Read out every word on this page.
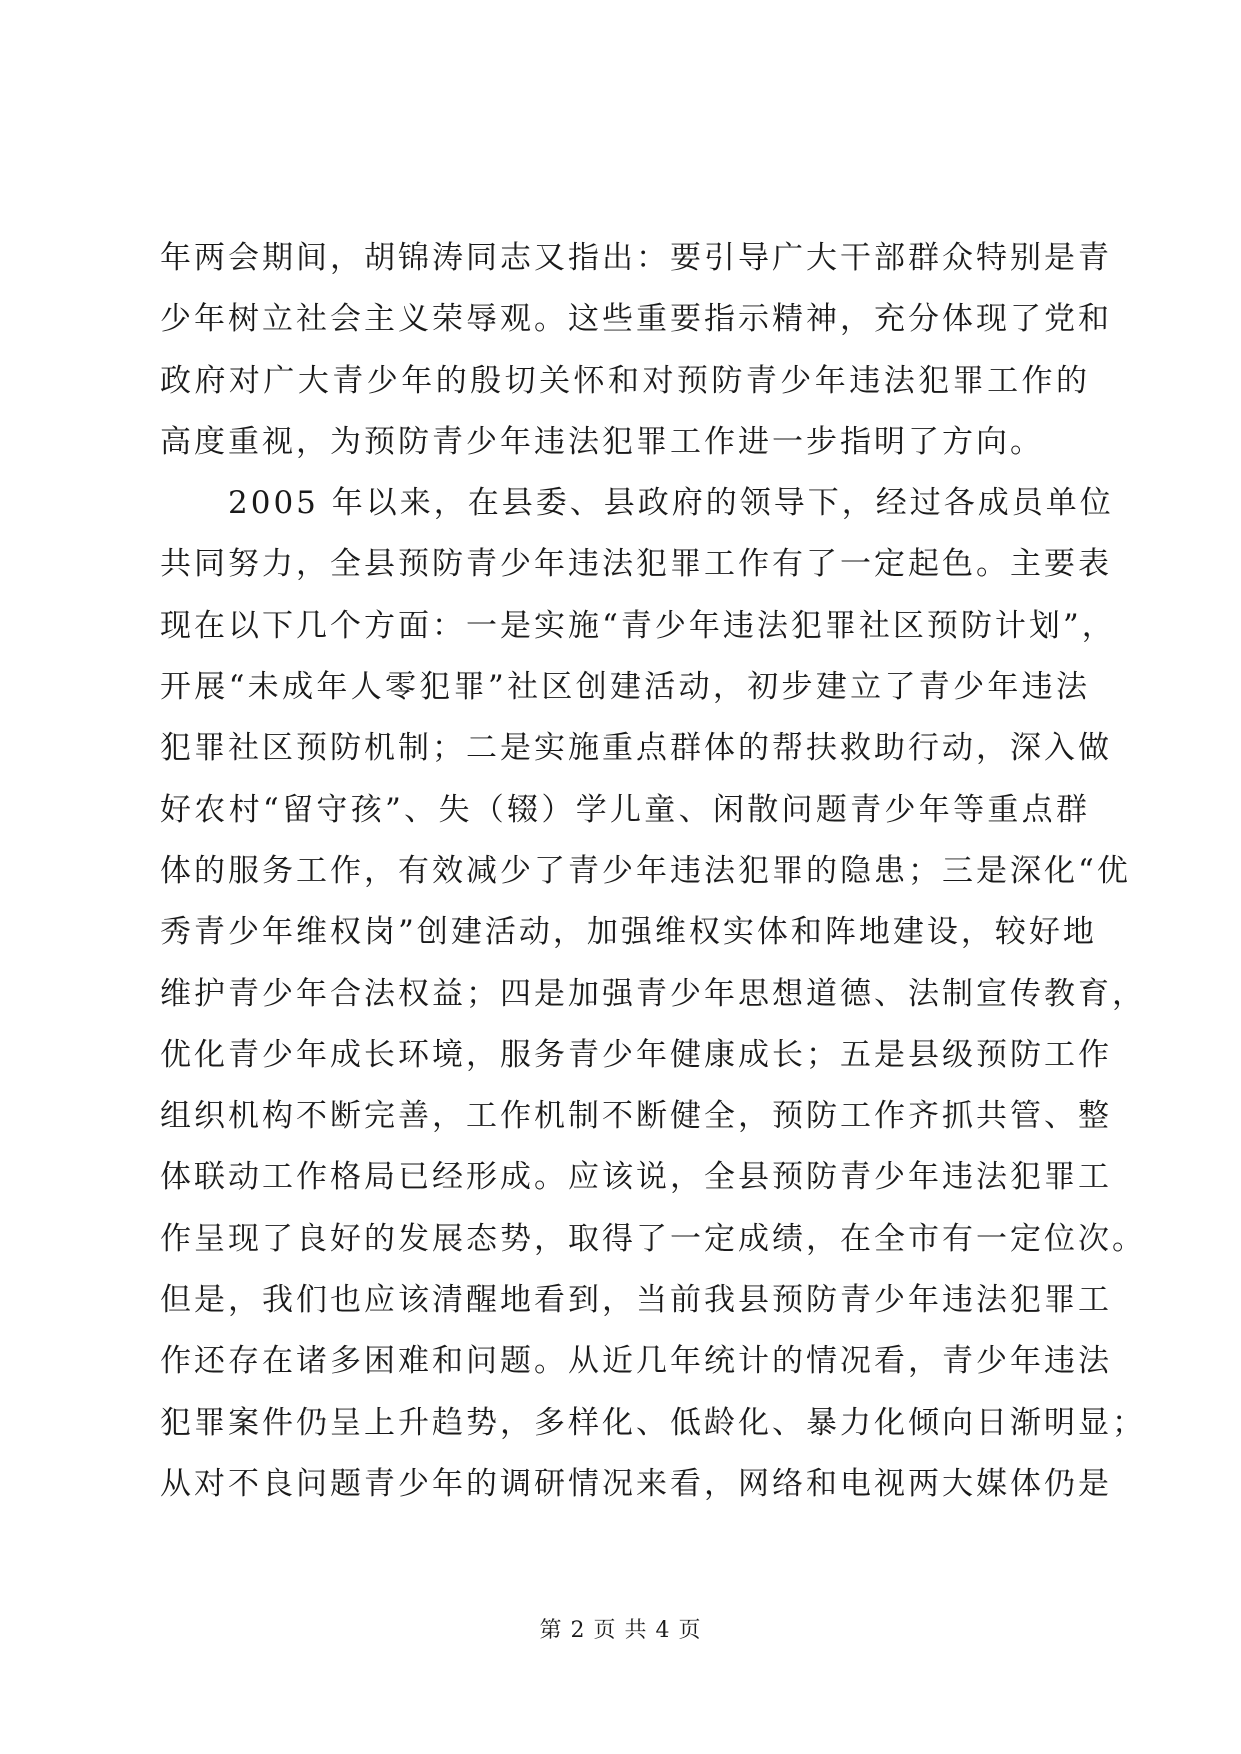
年两会期间，胡锦涛同志又指出：要引导广大干部群众特别是青
少年树立社会主义荣辱观。这些重要指示精神，充分体现了党和
政府对广大青少年的殷切关怀和对预防青少年违法犯罪工作的
高度重视，为预防青少年违法犯罪工作进一步指明了方向。
2005 年以来，在县委、县政府的领导下，经过各成员单位
共同努力，全县预防青少年违法犯罪工作有了一定起色。主要表
现在以下几个方面：一是实施“青少年违法犯罪社区预防计划”，
开展“未成年人零犯罪”社区创建活动，初步建立了青少年违法
犯罪社区预防机制；二是实施重点群体的帮扶救助行动，深入做
好农村“留守孩”、失（辍）学儿童、闲散问题青少年等重点群
体的服务工作，有效减少了青少年违法犯罪的隐患；三是深化“优
秀青少年维权岗”创建活动，加强维权实体和阵地建设，较好地
维护青少年合法权益；四是加强青少年思想道德、法制宣传教育，
优化青少年成长环境，服务青少年健康成长；五是县级预防工作
组织机构不断完善，工作机制不断健全，预防工作齐抓共管、整
体联动工作格局已经形成。应该说，全县预防青少年违法犯罪工
作呈现了良好的发展态势，取得了一定成绩，在全市有一定位次。
但是，我们也应该清醒地看到，当前我县预防青少年违法犯罪工
作还存在诸多困难和问题。从近几年统计的情况看，青少年违法
犯罪案件仍呈上升趋势，多样化、低龄化、暴力化倾向日渐明显；
从对不良问题青少年的调研情况来看，网络和电视两大媒体仍是
第 2 页 共 4 页
